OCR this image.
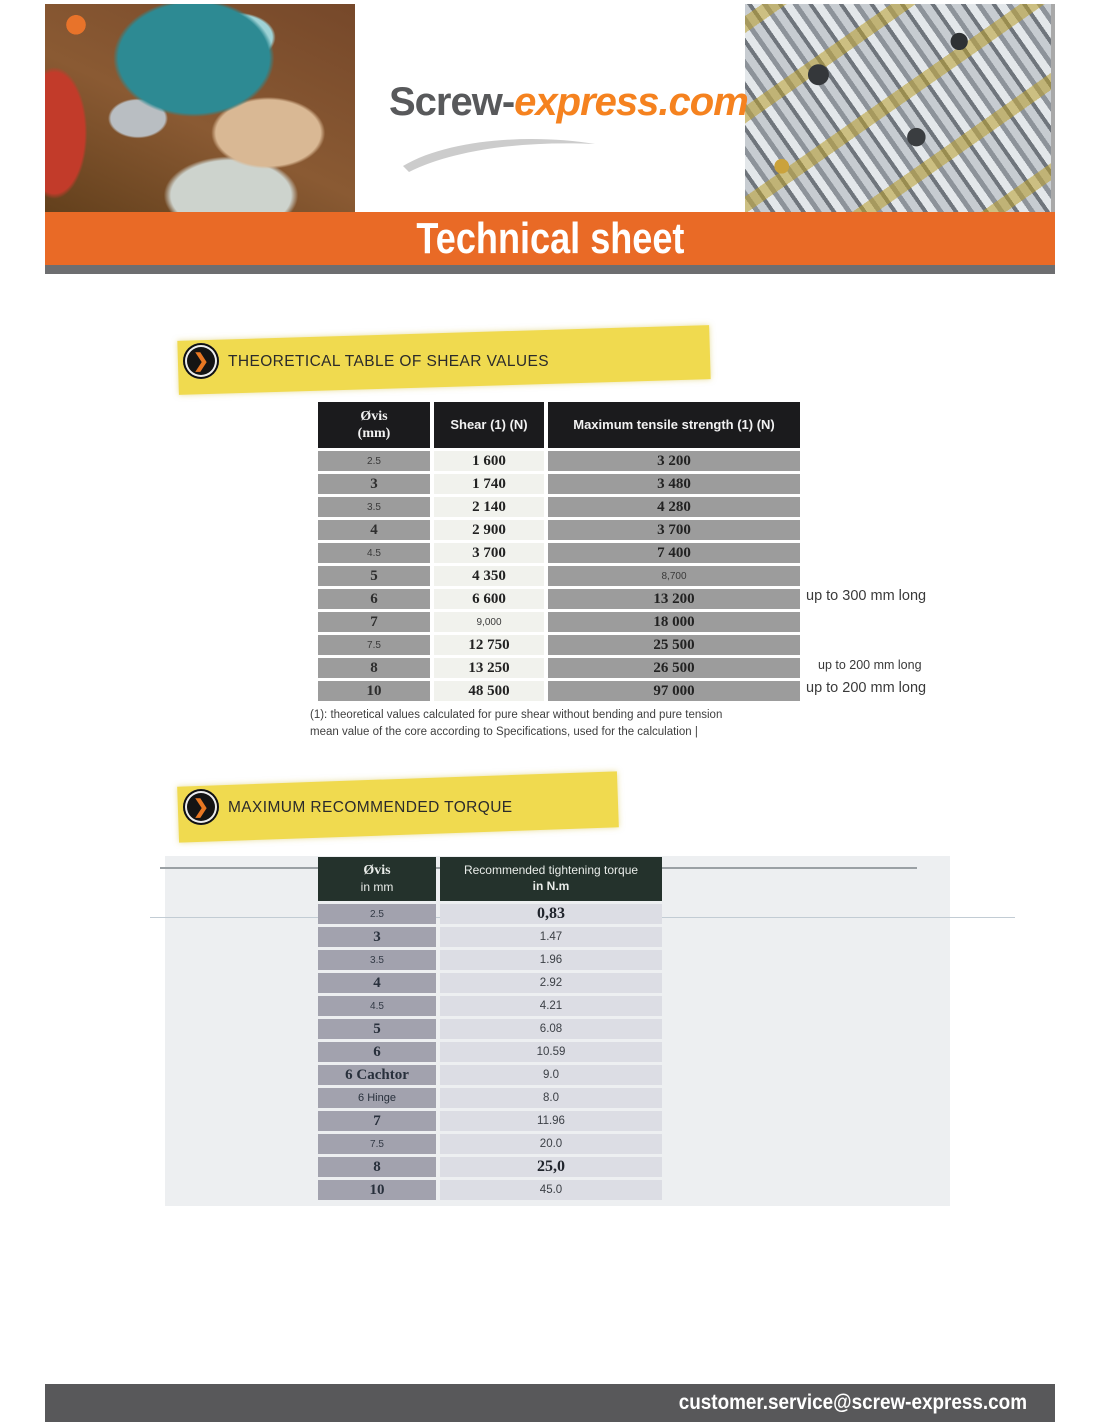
Screw-express.com
Technical sheet
❯	THEORETICAL TABLE OF SHEAR VALUES
Øvis
(mm)
Shear (1) (N)	Maximum tensile strength (1) (N)
2.5	1 600	3 200
3	1 740	3 480
3.5	2 140	4 280
4	2 900	3 700
4.5	3 700	7 400
5	4 350	8,700
6	6 600	13 200
7	9,000	18 000
7.5	12 750	25 500
8	13 250	26 500
10	48 500	97 000
up to 300 mm long
up to 200 mm long
up to 200 mm long
(1): theoretical values calculated for pure shear without bending and pure tension
mean value of the core according to Specifications, used for the calculation |
❯	MAXIMUM RECOMMENDED TORQUE
Øvis
in mm
Recommended tightening torque
in N.m
2.5	0,83
3	1.47
3.5	1.96
4	2.92
4.5	4.21
5	6.08
6	10.59
6 Cachtor	9.0
6 Hinge	8.0
7	11.96
7.5	20.0
8	25,0
10	45.0
customer.service@screw-express.com
